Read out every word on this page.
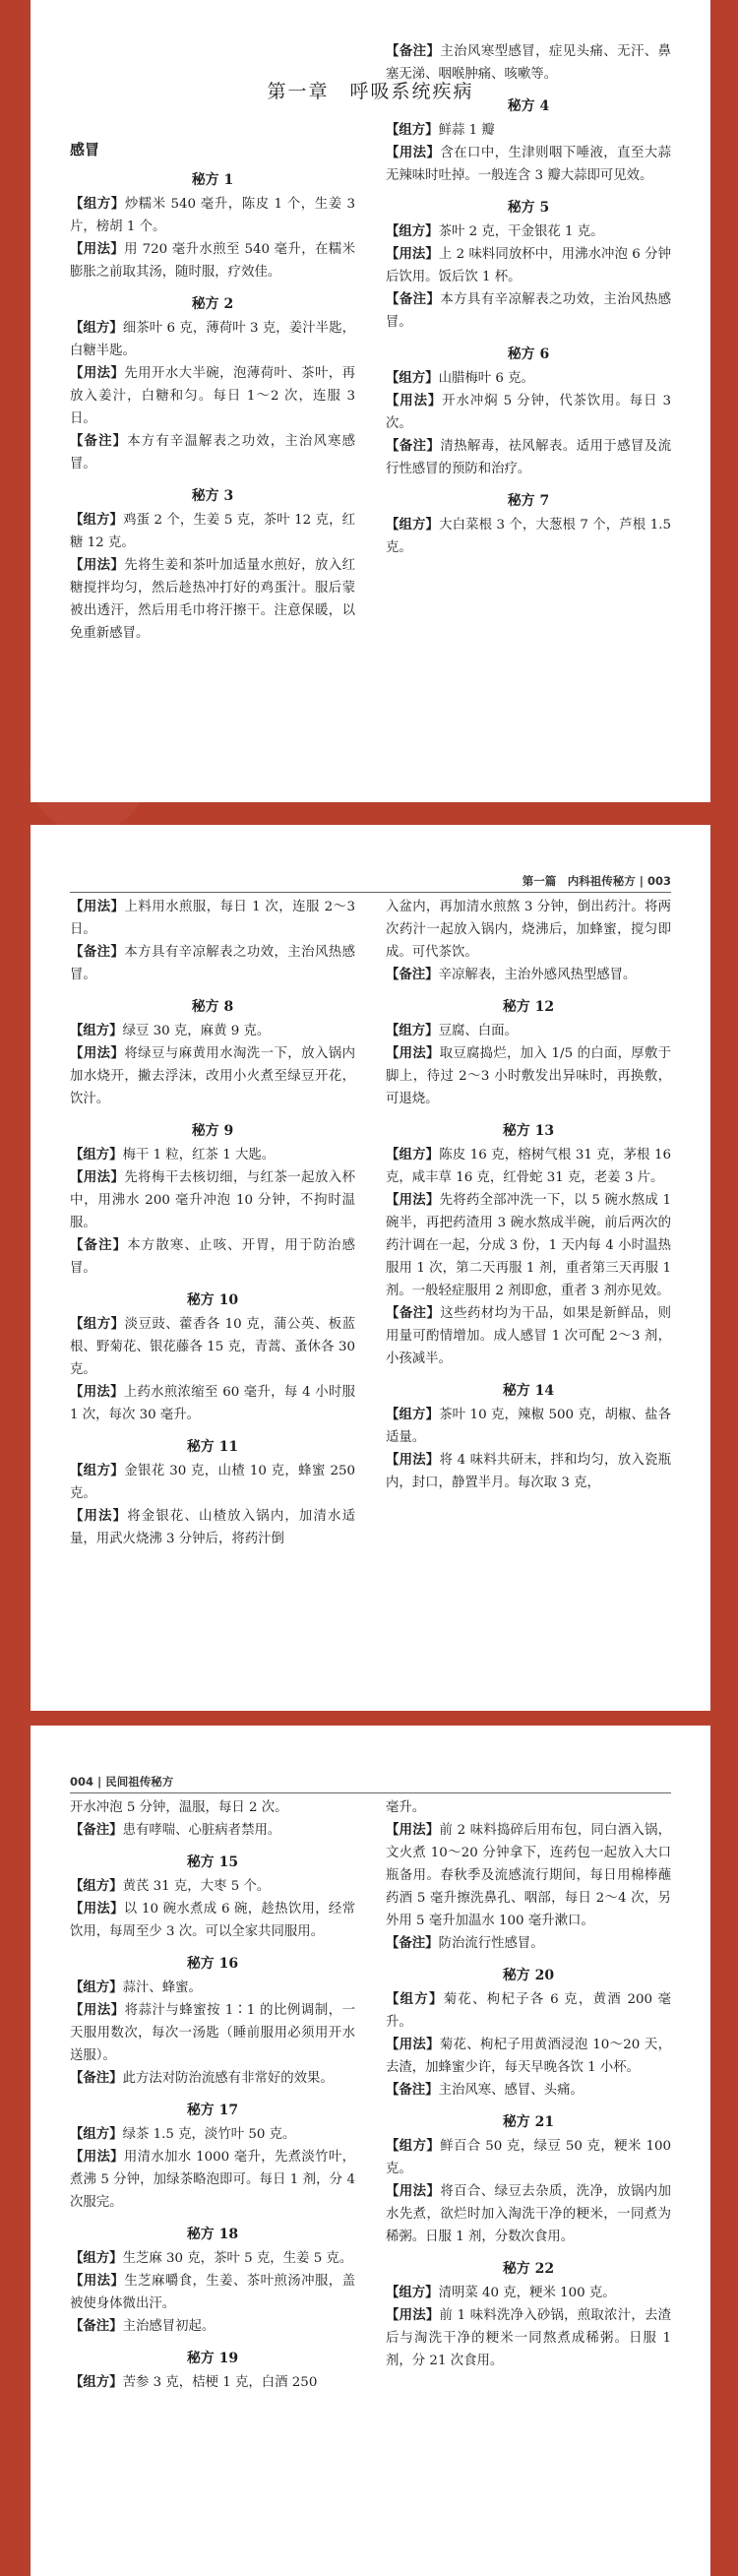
第一章　呼吸系统疾病
感冒
秘方 1

【组方】炒糯米 540 毫升，陈皮 1 个，生姜 3 片，榜胡 1 个。

【用法】用 720 毫升水煎至 540 毫升，在糯米膨胀之前取其汤，随时服，疗效佳。

秘方 2

【组方】细茶叶 6 克，薄荷叶 3 克，姜汁半匙，白糖半匙。

【用法】先用开水大半碗，泡薄荷叶、茶叶，再放入姜汁，白糖和匀。每日 1～2 次，连服 3 日。

【备注】本方有辛温解表之功效，主治风寒感冒。

秘方 3

【组方】鸡蛋 2 个，生姜 5 克，茶叶 12 克，红糖 12 克。

【用法】先将生姜和茶叶加适量水煎好，放入红糖搅拌均匀，然后趁热冲打好的鸡蛋汁。服后蒙被出透汗，然后用毛巾将汗擦干。注意保暖，以免重新感冒。

【备注】主治风寒型感冒，症见头痛、无汗、鼻塞无涕、咽喉肿痛、咳嗽等。

秘方 4

【组方】鲜蒜 1 瓣

【用法】含在口中，生津则咽下唾液，直至大蒜无辣味时吐掉。一般连含 3 瓣大蒜即可见效。

秘方 5

【组方】茶叶 2 克，干金银花 1 克。

【用法】上 2 味料同放杯中，用沸水冲泡 6 分钟后饮用。饭后饮 1 杯。

【备注】本方具有辛凉解表之功效，主治风热感冒。

秘方 6

【组方】山腊梅叶 6 克。

【用法】开水冲焖 5 分钟，代茶饮用。每日 3 次。

【备注】清热解毒，祛风解表。适用于感冒及流行性感冒的预防和治疗。

秘方 7

【组方】大白菜根 3 个，大葱根 7 个，芦根 1.5 克。

第一篇　内科祖传秘方 | 003

【用法】上料用水煎服，每日 1 次，连服 2～3 日。

【备注】本方具有辛凉解表之功效，主治风热感冒。

秘方 8

【组方】绿豆 30 克，麻黄 9 克。

【用法】将绿豆与麻黄用水淘洗一下，放入锅内加水烧开，撇去浮沫，改用小火煮至绿豆开花，饮汁。

秘方 9

【组方】梅干 1 粒，红茶 1 大匙。

【用法】先将梅干去核切细，与红茶一起放入杯中，用沸水 200 毫升冲泡 10 分钟，不拘时温服。

【备注】本方散寒、止咳、开胃，用于防治感冒。

秘方 10

【组方】淡豆豉、藿香各 10 克，蒲公英、板蓝根、野菊花、银花藤各 15 克，青蒿、蚤休各 30 克。

【用法】上药水煎浓缩至 60 毫升，每 4 小时服 1 次，每次 30 毫升。

秘方 11

【组方】金银花 30 克，山楂 10 克，蜂蜜 250 克。

【用法】将金银花、山楂放入锅内，加清水适量，用武火烧沸 3 分钟后，将药汁倒

入盆内，再加清水煎熬 3 分钟，倒出药汁。将两次药汁一起放入锅内，烧沸后，加蜂蜜，搅匀即成。可代茶饮。

【备注】辛凉解表，主治外感风热型感冒。

秘方 12

【组方】豆腐、白面。

【用法】取豆腐捣烂，加入 1/5 的白面，厚敷于脚上，待过 2～3 小时敷发出异味时，再换敷，可退烧。

秘方 13

【组方】陈皮 16 克，榕树气根 31 克，茅根 16 克，咸丰草 16 克，红骨蛇 31 克，老姜 3 片。

【用法】先将药全部冲洗一下，以 5 碗水熬成 1 碗半，再把药渣用 3 碗水熬成半碗，前后两次的药汁调在一起，分成 3 份，1 天内每 4 小时温热服用 1 次，第二天再服 1 剂，重者第三天再服 1 剂。一般轻症服用 2 剂即愈，重者 3 剂亦见效。

【备注】这些药材均为干品，如果是新鲜品，则用量可酌情增加。成人感冒 1 次可配 2～3 剂，小孩减半。

秘方 14

【组方】茶叶 10 克，辣椒 500 克，胡椒、盐各适量。

【用法】将 4 味料共研末，拌和均匀，放入瓷瓶内，封口，静置半月。每次取 3 克，

004 | 民间祖传秘方

开水冲泡 5 分钟，温服，每日 2 次。

【备注】患有哮喘、心脏病者禁用。

秘方 15

【组方】黄芪 31 克，大枣 5 个。

【用法】以 10 碗水煮成 6 碗，趁热饮用，经常饮用，每周至少 3 次。可以全家共同服用。

秘方 16

【组方】蒜汁、蜂蜜。

【用法】将蒜汁与蜂蜜按 1∶1 的比例调制，一天服用数次，每次一汤匙（睡前服用必须用开水送服）。

【备注】此方法对防治流感有非常好的效果。

秘方 17

【组方】绿茶 1.5 克，淡竹叶 50 克。

【用法】用清水加水 1000 毫升，先煮淡竹叶，煮沸 5 分钟，加绿茶略泡即可。每日 1 剂，分 4 次服完。

秘方 18

【组方】生芝麻 30 克，茶叶 5 克，生姜 5 克。

【用法】生芝麻嚼食，生姜、茶叶煎汤冲服，盖被使身体微出汗。

【备注】主治感冒初起。

秘方 19

【组方】苦参 3 克，桔梗 1 克，白酒 250

毫升。

【用法】前 2 味料捣碎后用布包，同白酒入锅，文火煮 10～20 分钟拿下，连药包一起放入大口瓶备用。春秋季及流感流行期间，每日用棉棒蘸药酒 5 毫升擦洗鼻孔、咽部，每日 2～4 次，另外用 5 毫升加温水 100 毫升漱口。

【备注】防治流行性感冒。

秘方 20

【组方】菊花、枸杞子各 6 克，黄酒 200 毫升。

【用法】菊花、枸杞子用黄酒浸泡 10～20 天，去渣，加蜂蜜少许，每天早晚各饮 1 小杯。

【备注】主治风寒、感冒、头痛。

秘方 21

【组方】鲜百合 50 克，绿豆 50 克，粳米 100 克。

【用法】将百合、绿豆去杂质，洗净，放锅内加水先煮，欲烂时加入淘洗干净的粳米，一同煮为稀粥。日服 1 剂，分数次食用。

秘方 22

【组方】清明菜 40 克，粳米 100 克。

【用法】前 1 味料洗净入砂锅，煎取浓汁，去渣后与淘洗干净的粳米一同熬煮成稀粥。日服 1 剂，分 21 次食用。
